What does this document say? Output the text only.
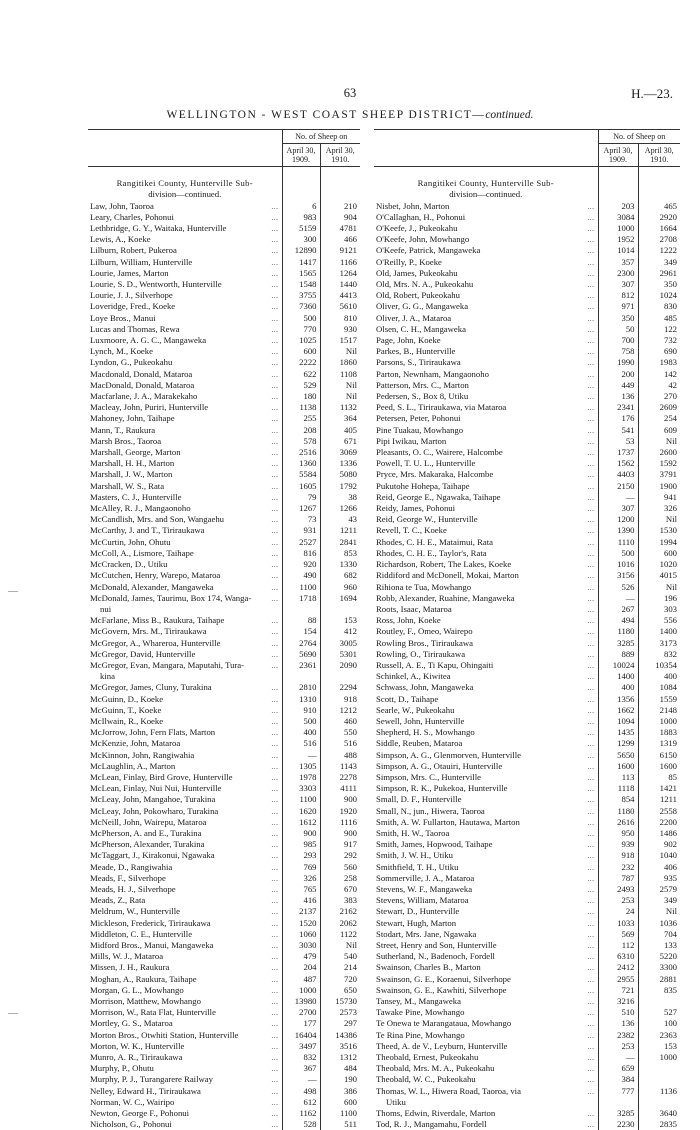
63	H.—23.
WELLINGTON - WEST COAST SHEEP DISTRICT—continued.
—
—
		No. of Sheep on	
		April 30, 1909.	April 30, 1910.

Rangitikei County, Hunterville Sub-			
division—continued.			
Law, John, Taoroa	...	6	210
Leary, Charles, Pohonui	...	983	904
Lethbridge, G. Y., Waitaka, Hunterville	...	5159	4781
Lewis, A., Koeke	...	300	466
Lilburn, Robert, Pukeroa	...	12890	9121
Lilburn, William, Hunterville	...	1417	1166
Lourie, James, Marton	...	1565	1264
Lourie, S. D., Wentworth, Hunterville	...	1548	1440
Lourie, J. J., Silverhope	...	3755	4413
Loveridge, Fred., Koeke	...	7360	5610
Loye Bros., Manui	...	500	810
Lucas and Thomas, Rewa	...	770	930
Luxmoore, A. G. C., Mangaweka	...	1025	1517
Lynch, M., Koeke	...	600	Nil
Lyndon, G., Pukeokahu	...	2222	1860
Macdonald, Donald, Mataroa	...	622	1108
MacDonald, Donald, Mataroa	...	529	Nil
Macfarlane, J. A., Marakekaho	...	180	Nil
Macleay, John, Puriri, Hunterville	...	1138	1132
Mahoney, John, Taihape	...	255	364
Mann, T., Raukura	...	208	405
Marsh Bros., Taoroa	...	578	671
Marshall, George, Marton	...	2516	3069
Marshall, H. H., Marton	...	1360	1336
Marshall, J. W., Marton	...	5584	5080
Marshall, W. S., Rata	...	1605	1792
Masters, C. J., Hunterville	...	79	38
McAlley, R. J., Mangaonoho	...	1267	1266
McCandlish, Mrs. and Son, Wangaehu	...	73	43
McCarthy, J. and T., Tiriraukawa	...	931	1211
McCurtin, John, Ohutu	...	2527	2841
McColl, A., Lismore, Taihape	...	816	853
McCracken, D., Utiku	...	920	1330
McCutchen, Henry, Warepo, Mataroa	...	490	682
McDonald, Alexander, Mangaweka	...	1100	960
McDonald, James, Taurimu, Box 174, Wanga-	...	1718	1694
nui			
McFarlane, Miss B., Raukura, Taihape	...	88	153
McGovern, Mrs. M., Tiriraukawa	...	154	412
McGregor, A., Whareroa, Hunterville	...	2764	3005
McGregor, David, Hunterville	...	5690	5301
McGregor, Evan, Mangara, Maputahi, Tura-	...	2361	2090
kina			
McGregor, James, Cluny, Turakina	...	2810	2294
McGuinn, D., Koeke	...	1310	918
McGuinn, T., Koeke	...	910	1212
McIlwain, R., Koeke	...	500	460
McJorrow, John, Fern Flats, Marton	...	400	550
McKenzie, John, Mataroa	...	516	516
McKinnon, John, Rangiwahia	...	—	488
McLaughlin, A., Marton	...	1305	1143
McLean, Finlay, Bird Grove, Hunterville	...	1978	2278
McLean, Finlay, Nui Nui, Hunterville	...	3303	4111
McLeay, John, Mangahoe, Turakina	...	1100	900
McLeay, John, Pokowharo, Turakina	...	1620	1920
McNeill, John, Wairepu, Mataroa	...	1612	1116
McPherson, A. and E., Turakina	...	900	900
McPherson, Alexander, Turakina	...	985	917
McTaggart, J., Kirakonui, Ngawaka	...	293	292
Meade, D., Rangiwahia	...	769	560
Meads, F., Silverhope	...	326	258
Meads, H. J., Silverhope	...	765	670
Meads, Z., Rata	...	416	383
Meldrum, W., Hunterville	...	2137	2162
Mickleson, Frederick, Tiriraukawa	...	1520	2062
Middleton, C. E., Hunterville	...	1060	1122
Midford Bros., Manui, Mangaweka	...	3030	Nil
Mills, W. J., Mataroa	...	479	540
Missen, J. H., Raukura	...	204	214
Moghan, A., Raukura, Taihape	...	487	720
Morgan, G. L., Mowhango	...	1000	650
Morrison, Matthew, Mowhango	...	13980	15730
Morrison, W., Rata Flat, Hunterville	...	2700	2573
Mortley, G. S., Mataroa	...	177	297
Morton Bros., Otwhiti Station, Hunterville	...	16404	14386
Morton, W. K., Hunterville	...	3497	3516
Munro, A. R., Tiriraukawa	...	832	1312
Murphy, P., Ohutu	...	367	484
Murphy, P. J., Turangarere Railway	...	—	190
Nelley, Edward H., Tiriraukawa	...	498	386
Norman, W. C., Wairipo	...	612	600
Newton, George F., Pohonui	...	1162	1100
Nicholson, G., Pohonui	...	528	511
		No. of Sheep on	
		April 30, 1909.	April 30, 1910.

Rangitikei County, Hunterville Sub-			
division—continued.			
Nisbet, John, Marton	...	203	465
O'Callaghan, H., Pohonui	...	3084	2920
O'Keefe, J., Pukeokahu	...	1000	1664
O'Keefe, John, Mowhango	...	1952	2708
O'Keefe, Patrick, Mangaweka	...	1014	1222
O'Reilly, P., Koeke	...	357	349
Old, James, Pukeokahu	...	2300	2961
Old, Mrs. N. A., Pukeokahu	...	307	350
Old, Robert, Pukeokahu	...	812	1024
Oliver, G. G., Mangaweka	...	971	830
Oliver, J. A., Mataroa	...	350	485
Olsen, C. H., Mangaweka	...	50	122
Page, John, Koeke	...	700	732
Parkes, B., Hunterville	...	758	690
Parsons, S., Tiriraukawa	...	1990	1983
Parton, Newnham, Mangaonoho	...	200	142
Patterson, Mrs. C., Marton	...	449	42
Pedersen, S., Box 8, Utiku	...	136	270
Peed, S. L., Tiriraukawa, via Mataroa	...	2341	2609
Petersen, Peter, Pohonui	...	176	254
Pine Tuakau, Mowhango	...	541	609
Pipi Iwikau, Marton	...	53	Nil
Pleasants, O. C., Wairere, Halcombe	...	1737	2600
Powell, T. U. L., Hunterville	...	1562	1592
Pryce, Mrs. Makaraka, Halcombe	...	4403	3791
Pukutohe Hohepa, Taihape	...	2150	1900
Reid, George E., Ngawaka, Taihape	...	—	941
Reidy, James, Pohonui	...	307	326
Reid, George W., Hunterville	...	1200	Nil
Revell, T. C., Koeke	...	1390	1530
Rhodes, C. H. E., Mataimui, Rata	...	1110	1994
Rhodes, C. H. E., Taylor's, Rata	...	500	600
Richardson, Robert, The Lakes, Koeke	...	1016	1020
Riddiford and McDonell, Mokai, Marton	...	3156	4015
Rihiona te Tua, Mowhango	...	526	Nil
Robb, Alexander, Ruahine, Mangaweka	...	—	196
Roots, Isaac, Mataroa	...	267	303
Ross, John, Koeke	...	494	556
Routley, F., Omeo, Wairepo	...	1180	1400
Rowling Bros., Tiriraukawa	...	3285	3173
Rowling, O., Tiriraukawa	...	889	832
Russell, A. E., Ti Kapu, Ohingaiti	...	10024	10354
Schinkel, A., Kiwitea	...	1400	400
Schwass, John, Mangaweka	...	400	1084
Scott, D., Taihape	...	1356	1559
Searle, W., Pukeokahu	...	1662	2148
Sewell, John, Hunterville	...	1094	1000
Shepherd, H. S., Mowhango	...	1435	1883
Siddle, Reuben, Mataroa	...	1299	1319
Simpson, A. G., Glenmorven, Hunterville	...	5650	6150
Simpson, A. G., Otauiri, Hunterville	...	1600	1600
Simpson, Mrs. C., Hunterville	...	113	85
Simpson, R. K., Pukekoa, Hunterville	...	1118	1421
Small, D. F., Hunterville	...	854	1211
Small, N., jun., Hiwera, Taoroa	...	1180	2558
Smith, A. W. Fullarton, Hautawa, Marton	...	2616	2200
Smith, H. W., Taoroa	...	950	1486
Smith, James, Hopwood, Taihape	...	939	902
Smith, J. W. H., Utiku	...	918	1040
Smithfield, T. H., Utiku	...	232	406
Sommerville, J. A., Mataroa	...	787	935
Stevens, W. F., Mangaweka	...	2493	2579
Stevens, William, Mataroa	...	253	349
Stewart, D., Hunterville	...	24	Nil
Stewart, Hugh, Marton	...	1033	1036
Stodart, Mrs. Jane, Ngawaka	...	569	704
Street, Henry and Son, Hunterville	...	112	133
Sutherland, N., Badenoch, Fordell	...	6310	5220
Swainson, Charles B., Marton	...	2412	3300
Swainson, G. E., Koraenui, Silverhope	...	2955	2881
Swainson, G. E., Kawhiti, Silverhope	...	721	835
Tansey, M., Mangaweka	...	3216	
Tawake Pine, Mowhango	...	510	527
Te Onewa te Marangataua, Mowhango	...	136	100
Te Rina Pine, Mowhango	...	2382	2363
Theed, A. de V., Leyburn, Hunterville	...	253	153
Theobald, Ernest, Pukeokahu	...	—	1000
Theobald, Mrs. M. A., Pukeokahu	...	659	
Theobald, W. C., Pukeokahu	...	384	
Thomas, W. L., Hiwera Road, Taoroa, via	...	777	1136
Utiku			
Thoms, Edwin, Riverdale, Marton	...	3285	3640
Tod, R. J., Mangamahu, Fordell	...	2230	2835
